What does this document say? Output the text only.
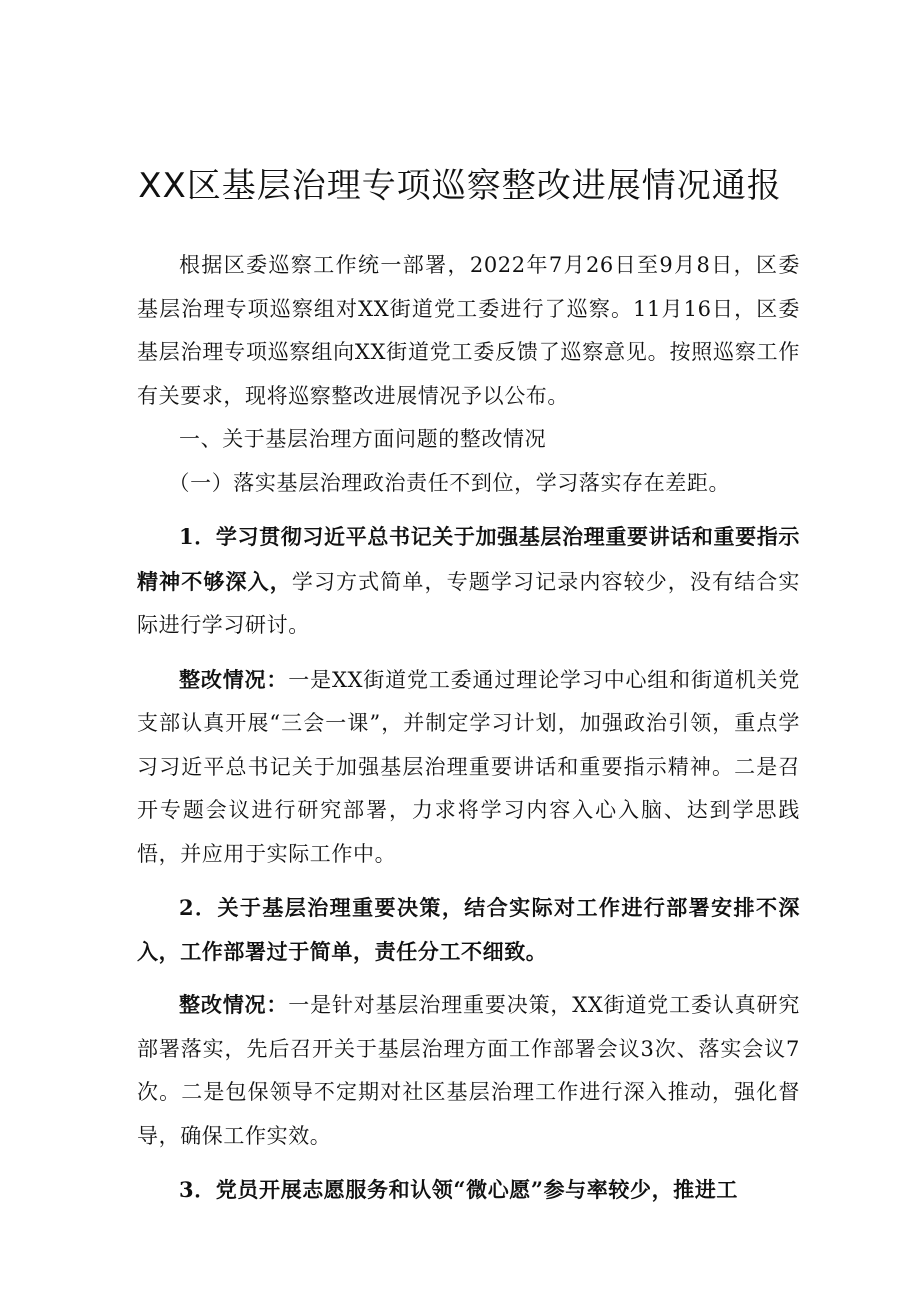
XX区基层治理专项巡察整改进展情况通报

根据区委巡察工作统一部署，2022年7月26日至9月8日，区委基层治理专项巡察组对XX街道党工委进行了巡察。11月16日，区委基层治理专项巡察组向XX街道党工委反馈了巡察意见。按照巡察工作有关要求，现将巡察整改进展情况予以公布。

一、关于基层治理方面问题的整改情况

（一）落实基层治理政治责任不到位，学习落实存在差距。

1．学习贯彻习近平总书记关于加强基层治理重要讲话和重要指示精神不够深入，学习方式简单，专题学习记录内容较少，没有结合实际进行学习研讨。

整改情况：一是XX街道党工委通过理论学习中心组和街道机关党支部认真开展“三会一课”，并制定学习计划，加强政治引领，重点学习习近平总书记关于加强基层治理重要讲话和重要指示精神。二是召开专题会议进行研究部署，力求将学习内容入心入脑、达到学思践悟，并应用于实际工作中。

2．关于基层治理重要决策，结合实际对工作进行部署安排不深入，工作部署过于简单，责任分工不细致。

整改情况：一是针对基层治理重要决策，XX街道党工委认真研究部署落实，先后召开关于基层治理方面工作部署会议3次、落实会议7次。二是包保领导不定期对社区基层治理工作进行深入推动，强化督导，确保工作实效。

3．党员开展志愿服务和认领“微心愿”参与率较少，推进工
